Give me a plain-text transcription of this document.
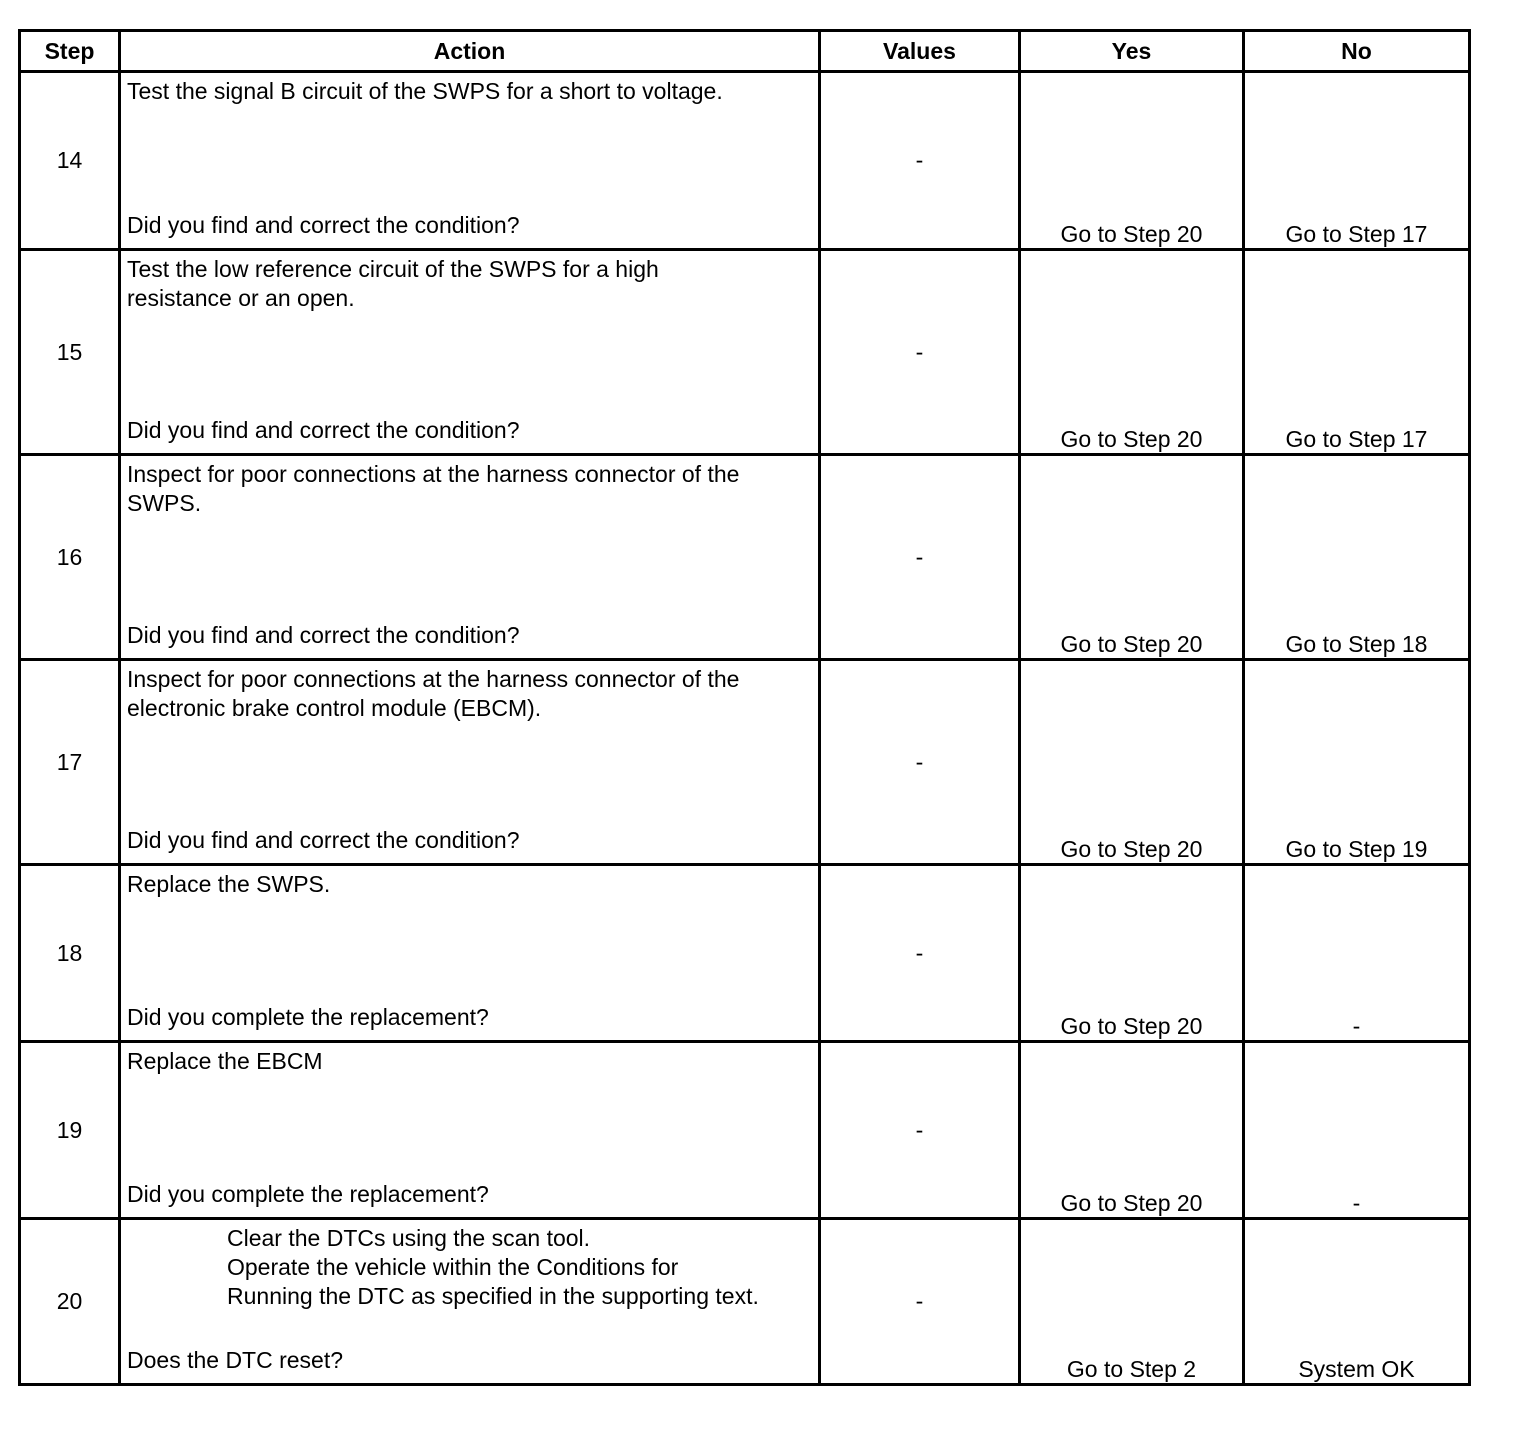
Step	Action	Values	Yes	No
14	Test the signal B circuit of the SWPS for a short to voltage.
Did you find and correct the condition?	-	Go to Step 20	Go to Step 17
15	Test the low reference circuit of the SWPS for a high
resistance or an open.
Did you find and correct the condition?	-	Go to Step 20	Go to Step 17
16	Inspect for poor connections at the harness connector of the
SWPS.
Did you find and correct the condition?	-	Go to Step 20	Go to Step 18
17	Inspect for poor connections at the harness connector of the
electronic brake control module (EBCM).
Did you find and correct the condition?	-	Go to Step 20	Go to Step 19
18	Replace the SWPS.
Did you complete the replacement?	-	Go to Step 20	-
19	Replace the EBCM
Did you complete the replacement?	-	Go to Step 20	-
20	Clear the DTCs using the scan tool.
Operate the vehicle within the Conditions for
Running the DTC as specified in the supporting text.
Does the DTC reset?	-	Go to Step 2	System OK
